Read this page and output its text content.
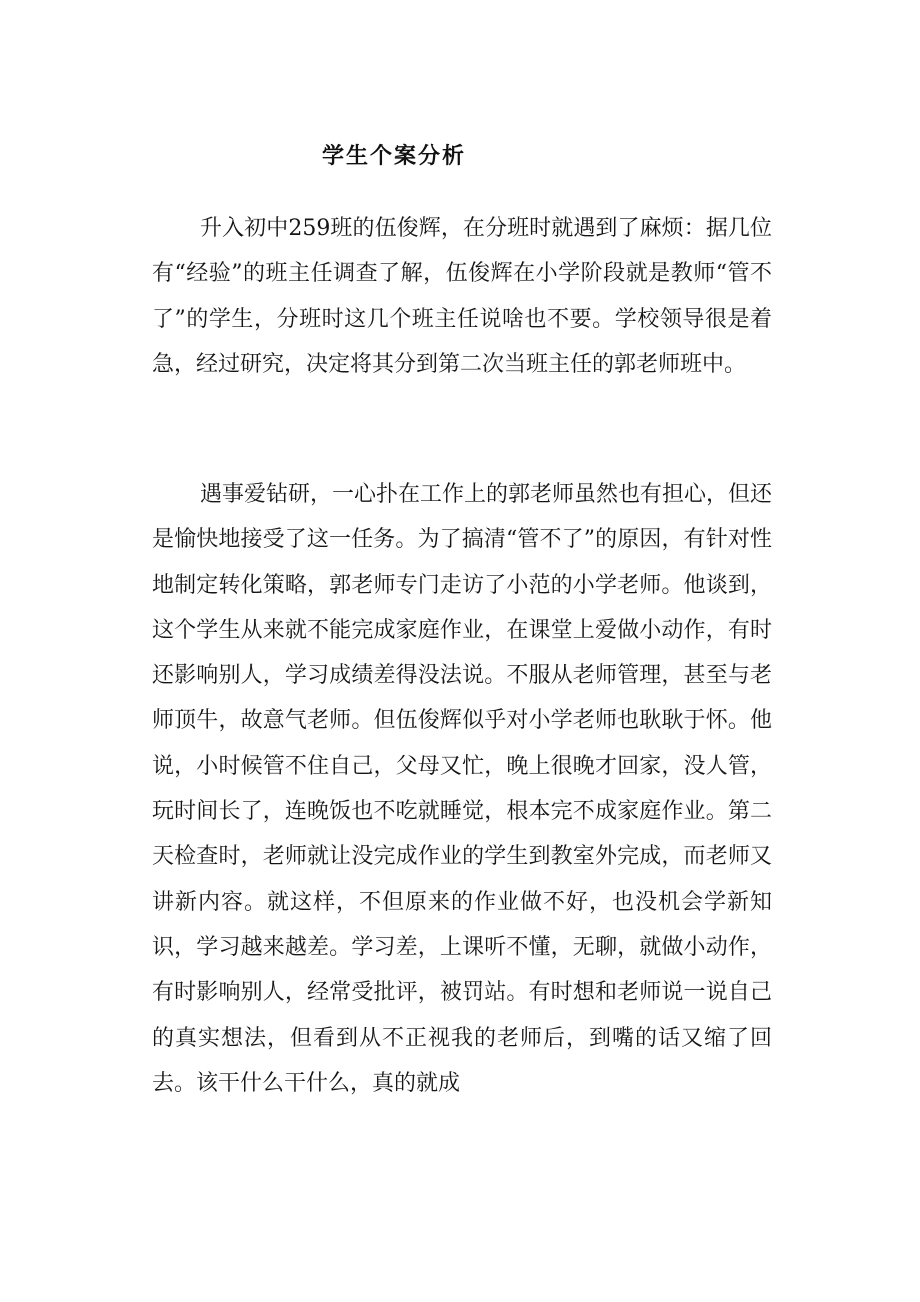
学生个案分析

升入初中259班的伍俊辉，在分班时就遇到了麻烦：据几位有“经验”的班主任调查了解，伍俊辉在小学阶段就是教师“管不了”的学生，分班时这几个班主任说啥也不要。学校领导很是着急，经过研究，决定将其分到第二次当班主任的郭老师班中。

遇事爱钻研，一心扑在工作上的郭老师虽然也有担心，但还是愉快地接受了这一任务。为了搞清“管不了”的原因，有针对性地制定转化策略，郭老师专门走访了小范的小学老师。他谈到，这个学生从来就不能完成家庭作业，在课堂上爱做小动作，有时还影响别人，学习成绩差得没法说。不服从老师管理，甚至与老师顶牛，故意气老师。但伍俊辉似乎对小学老师也耿耿于怀。他说，小时候管不住自己，父母又忙，晚上很晚才回家，没人管，玩时间长了，连晚饭也不吃就睡觉，根本完不成家庭作业。第二天检查时，老师就让没完成作业的学生到教室外完成，而老师又讲新内容。就这样，不但原来的作业做不好，也没机会学新知识，学习越来越差。学习差，上课听不懂，无聊，就做小动作，有时影响别人，经常受批评，被罚站。有时想和老师说一说自己的真实想法，但看到从不正视我的老师后，到嘴的话又缩了回去。该干什么干什么，真的就成
